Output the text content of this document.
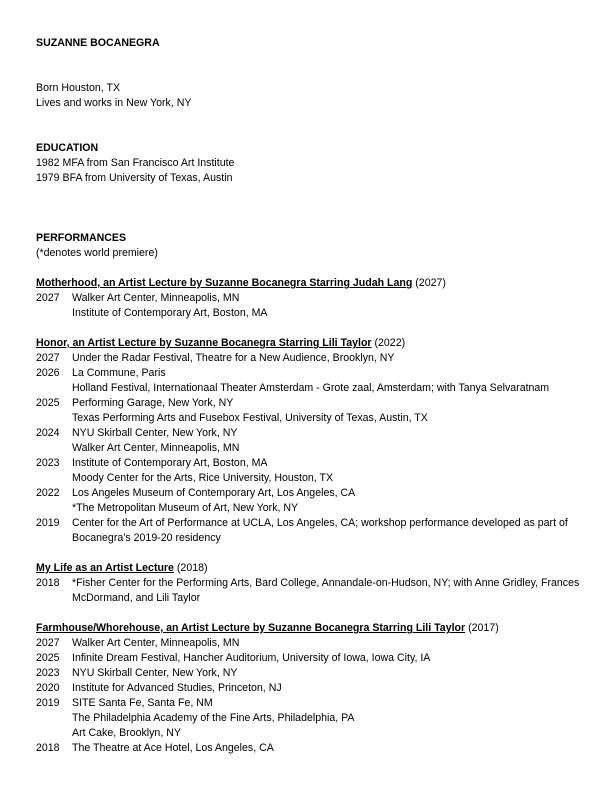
SUZANNE BOCANEGRA
Born Houston, TX
Lives and works in New York, NY
EDUCATION
1982 MFA from San Francisco Art Institute
1979 BFA from University of Texas, Austin
PERFORMANCES
(*denotes world premiere)
Motherhood, an Artist Lecture by Suzanne Bocanegra Starring Judah Lang (2027)
2027	Walker Art Center, Minneapolis, MN
Institute of Contemporary Art, Boston, MA
Honor, an Artist Lecture by Suzanne Bocanegra Starring Lili Taylor (2022)
2027	Under the Radar Festival, Theatre for a New Audience, Brooklyn, NY
2026	La Commune, Paris
Holland Festival, Internationaal Theater Amsterdam - Grote zaal, Amsterdam; with Tanya Selvaratnam
2025	Performing Garage, New York, NY
Texas Performing Arts and Fusebox Festival, University of Texas, Austin, TX
2024	NYU Skirball Center, New York, NY
Walker Art Center, Minneapolis, MN
2023	Institute of Contemporary Art, Boston, MA
Moody Center for the Arts, Rice University, Houston, TX
2022	Los Angeles Museum of Contemporary Art, Los Angeles, CA
*The Metropolitan Museum of Art, New York, NY
2019	Center for the Art of Performance at UCLA, Los Angeles, CA; workshop performance developed as part of Bocanegra’s 2019-20 residency
My Life as an Artist Lecture (2018)
2018	*Fisher Center for the Performing Arts, Bard College, Annandale-on-Hudson, NY; with Anne Gridley, Frances McDormand, and Lili Taylor
Farmhouse/Whorehouse, an Artist Lecture by Suzanne Bocanegra Starring Lili Taylor (2017)
2027	Walker Art Center, Minneapolis, MN
2025	Infinite Dream Festival, Hancher Auditorium, University of Iowa, Iowa City, IA
2023	NYU Skirball Center, New York, NY
2020	Institute for Advanced Studies, Princeton, NJ
2019	SITE Santa Fe, Santa Fe, NM
The Philadelphia Academy of the Fine Arts, Philadelphia, PA
Art Cake, Brooklyn, NY
2018	The Theatre at Ace Hotel, Los Angeles, CA
